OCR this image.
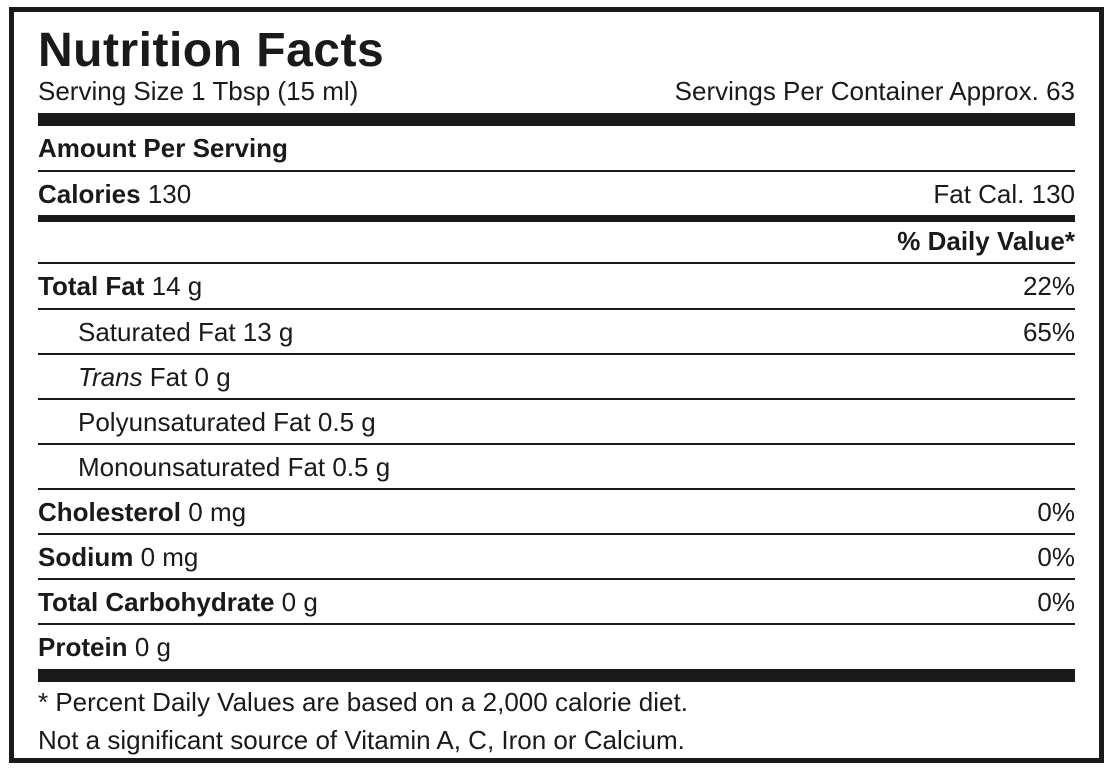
Nutrition Facts
Serving Size 1 Tbsp (15 ml)	Servings Per Container Approx. 63
Amount Per Serving
Calories 130	Fat Cal. 130
% Daily Value*
Total Fat 14 g	22%
Saturated Fat 13 g	65%
Trans Fat 0 g
Polyunsaturated Fat 0.5 g
Monounsaturated Fat 0.5 g
Cholesterol 0 mg	0%
Sodium 0 mg	0%
Total Carbohydrate 0 g	0%
Protein 0 g
* Percent Daily Values are based on a 2,000 calorie diet.
Not a significant source of Vitamin A, C, Iron or Calcium.
